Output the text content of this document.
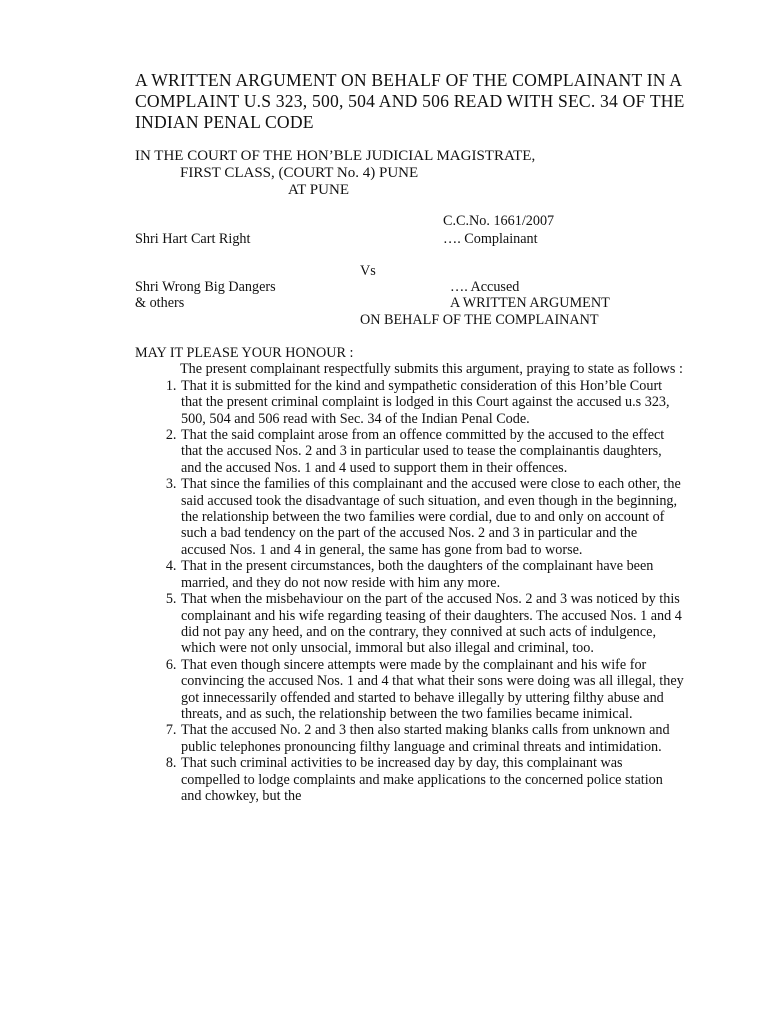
A WRITTEN ARGUMENT ON BEHALF OF THE COMPLAINANT IN A COMPLAINT U.S 323, 500, 504 AND 506 READ WITH SEC. 34 OF THE INDIAN PENAL CODE
IN THE COURT OF THE HON’BLE JUDICIAL MAGISTRATE,
FIRST CLASS, (COURT No. 4) PUNE
AT PUNE
C.C.No. 1661/2007
Shri Hart Cart Right	…. Complainant
Vs
Shri Wrong Big Dangers
& others
…. Accused
A WRITTEN ARGUMENT
ON BEHALF OF THE COMPLAINANT

MAY IT PLEASE YOUR HONOUR :

The present complainant respectfully submits this argument, praying to state as follows :

1. That it is submitted for the kind and sympathetic consideration of this Hon’ble Court that the present criminal complaint is lodged in this Court against the accused u.s 323, 500, 504 and 506 read with Sec. 34 of the Indian Penal Code.
2. That the said complaint arose from an offence committed by the accused to the effect that the accused Nos. 2 and 3 in particular used to tease the complainantis daughters, and the accused Nos. 1 and 4 used to support them in their offences.
3. That since the families of this complainant and the accused were close to each other, the said accused took the disadvantage of such situation, and even though in the beginning, the relationship between the two families were cordial, due to and only on account of such a bad tendency on the part of the accused Nos. 2 and 3 in particular and the accused Nos. 1 and 4 in general, the same has gone from bad to worse.
4. That in the present circumstances, both the daughters of the complainant have been married, and they do not now reside with him any more.
5. That when the misbehaviour on the part of the accused Nos. 2 and 3 was noticed by this complainant and his wife regarding teasing of their daughters. The accused Nos. 1 and 4 did not pay any heed, and on the contrary, they connived at such acts of indulgence, which were not only unsocial, immoral but also illegal and criminal, too.
6. That even though sincere attempts were made by the complainant and his wife for convincing the accused Nos. 1 and 4 that what their sons were doing was all illegal, they got innecessarily offended and started to behave illegally by uttering filthy abuse and threats, and as such, the relationship between the two families became inimical.
7. That the accused No. 2 and 3 then also started making blanks calls from unknown and public telephones pronouncing filthy language and criminal threats and intimidation.
8. That such criminal activities to be increased day by day, this complainant was compelled to lodge complaints and make applications to the concerned police station and chowkey, but the
